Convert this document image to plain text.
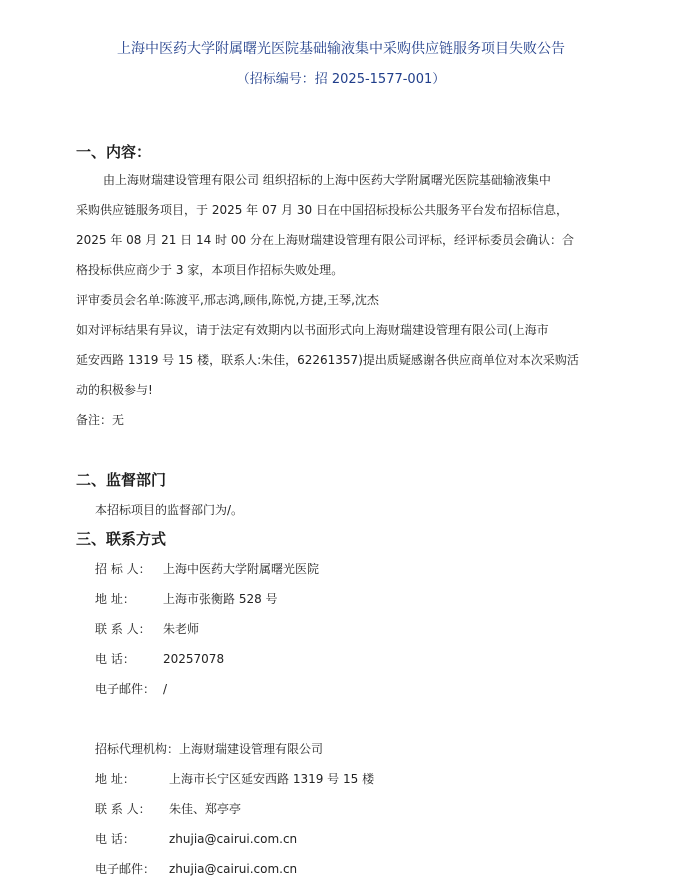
上海中医药大学附属曙光医院基础输液集中采购供应链服务项目失败公告
（招标编号：招 2025-1577-001）
一、内容：
由上海财瑞建设管理有限公司 组织招标的上海中医药大学附属曙光医院基础输液集中
采购供应链服务项目，于 2025 年 07 月 30 日在中国招标投标公共服务平台发布招标信息，
2025 年 08 月 21 日 14 时 00 分在上海财瑞建设管理有限公司评标，经评标委员会确认：合
格投标供应商少于 3 家，本项目作招标失败处理。
评审委员会名单:陈渡平,邢志鸿,顾伟,陈悦,方捷,王琴,沈杰
如对评标结果有异议，请于法定有效期内以书面形式向上海财瑞建设管理有限公司(上海市
延安西路 1319 号 15 楼，联系人:朱佳，62261357)提出质疑感谢各供应商单位对本次采购活
动的积极参与!
备注：无
二、监督部门
本招标项目的监督部门为/。
三、联系方式
招 标 人： 上海中医药大学附属曙光医院
地 址： 上海市张衡路 528 号
联 系 人： 朱老师
电 话： 20257078
电子邮件： /
招标代理机构：上海财瑞建设管理有限公司
地 址：	上海市长宁区延安西路 1319 号 15 楼
联 系 人： 朱佳、郑亭亭
电 话：	zhujia@cairui.com.cn
电子邮件： zhujia@cairui.com.cn
